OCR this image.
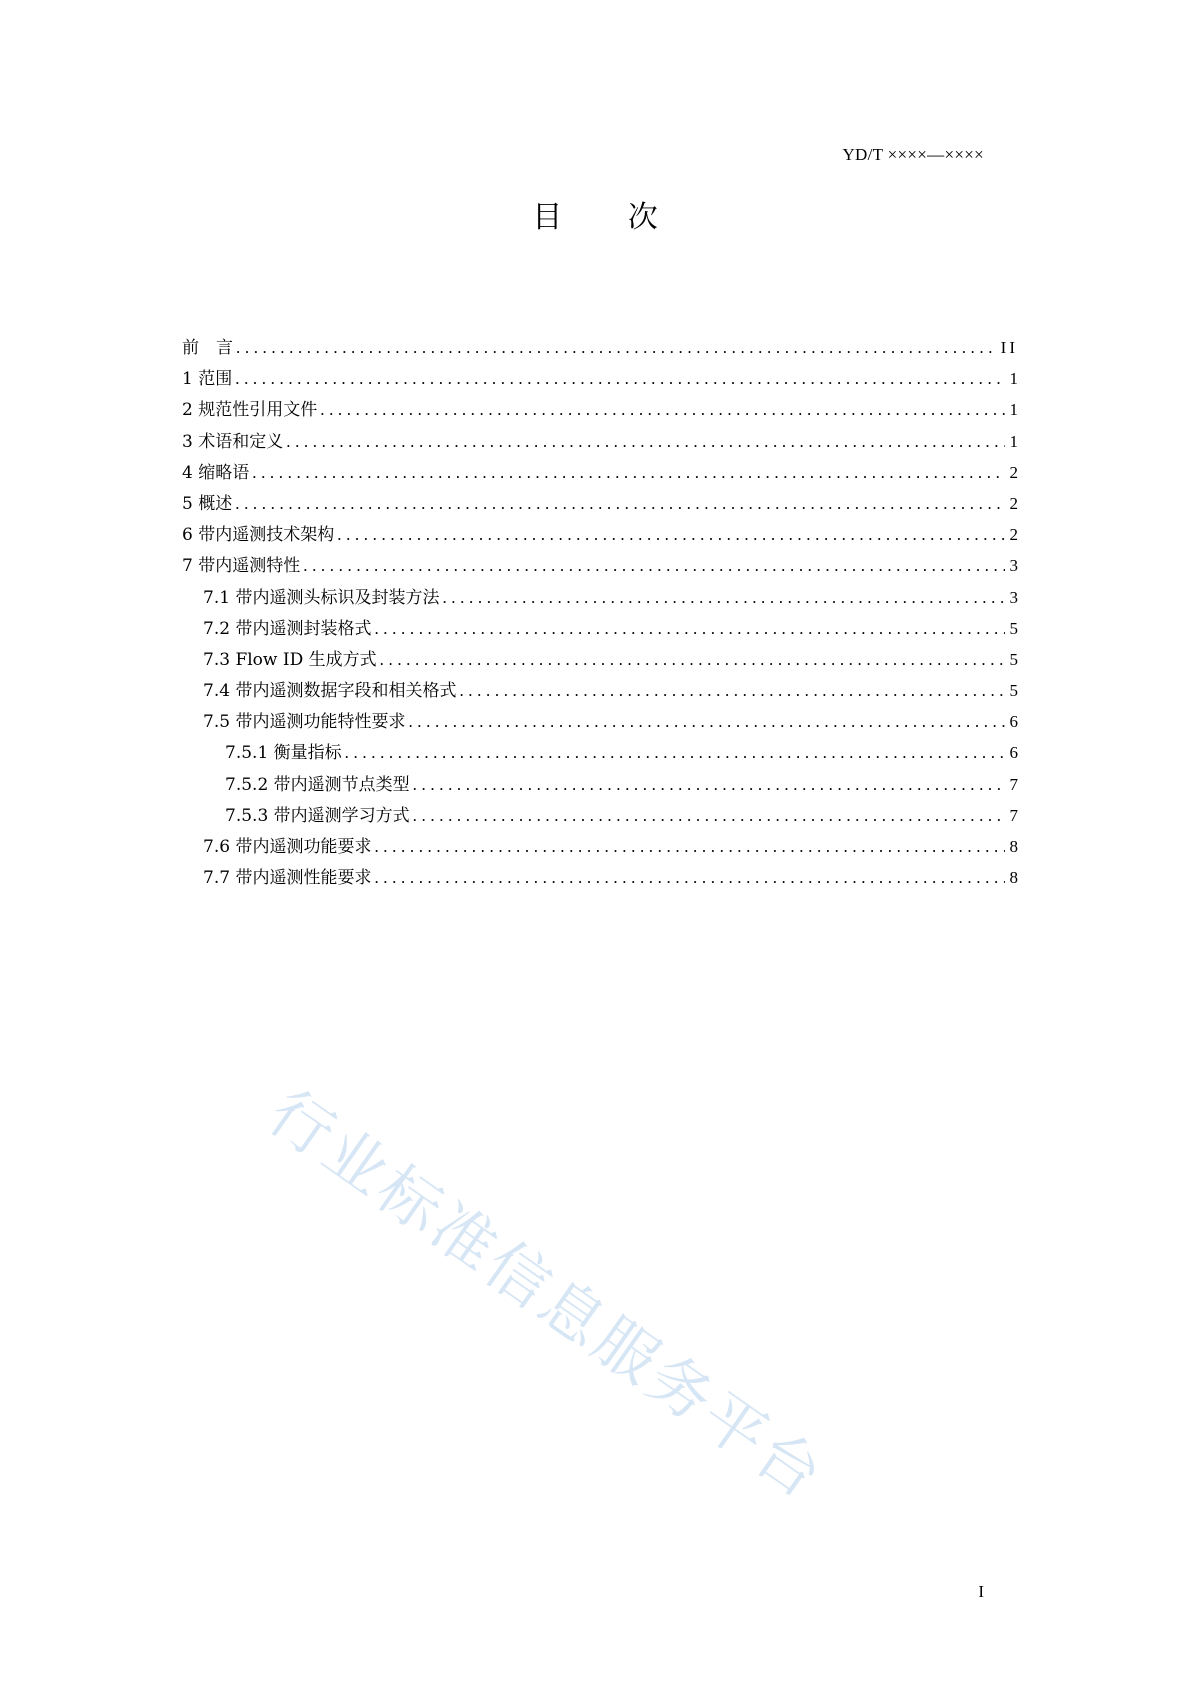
YD/T ××××—××××
目 次
前　言 .....	II
1 范围 .....	1
2 规范性引用文件 .....	1
3 术语和定义 .....	1
4 缩略语 .....	2
5 概述 .....	2
6 带内遥测技术架构 .....	2
7 带内遥测特性 .....	3
7.1 带内遥测头标识及封装方法 .....	3
7.2 带内遥测封装格式 .....	5
7.3 Flow ID 生成方式 .....	5
7.4 带内遥测数据字段和相关格式 .....	5
7.5 带内遥测功能特性要求 .....	6
7.5.1 衡量指标 .....	6
7.5.2 带内遥测节点类型 .....	7
7.5.3 带内遥测学习方式 .....	7
7.6 带内遥测功能要求 .....	8
7.7 带内遥测性能要求 .....	8
行业标准信息服务平台
I
